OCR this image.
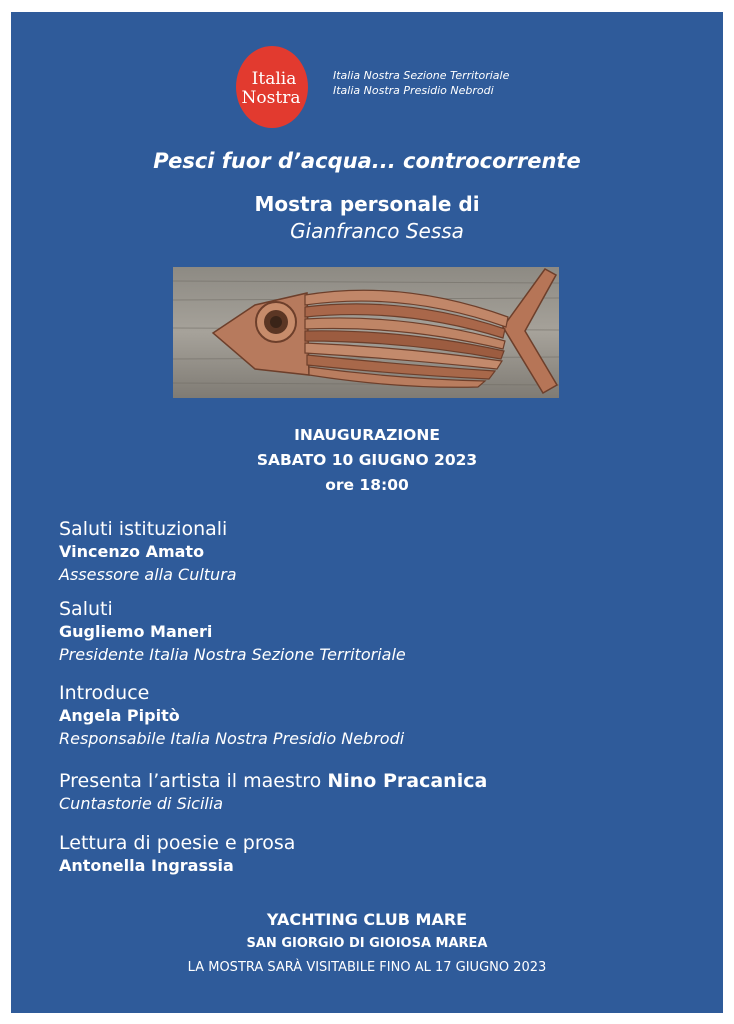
Italia
Nostra
Italia Nostra Sezione Territoriale
Italia Nostra Presidio Nebrodi
Pesci fuor d’acqua... controcorrente
Mostra personale di
Gianfranco Sessa
INAUGURAZIONE
SABATO 10 GIUGNO 2023
ore 18:00
Saluti istituzionali
Vincenzo Amato
Assessore alla Cultura
Saluti
Gugliemo Maneri
Presidente Italia Nostra Sezione Territoriale
Introduce
Angela Pipitò
Responsabile Italia Nostra Presidio Nebrodi
Presenta l’artista il maestro Nino Pracanica
Cuntastorie di Sicilia
Lettura di poesie e prosa
Antonella Ingrassia
YACHTING CLUB MARE
SAN GIORGIO DI GIOIOSA MAREA
LA MOSTRA SARÀ VISITABILE FINO AL 17 GIUGNO 2023
